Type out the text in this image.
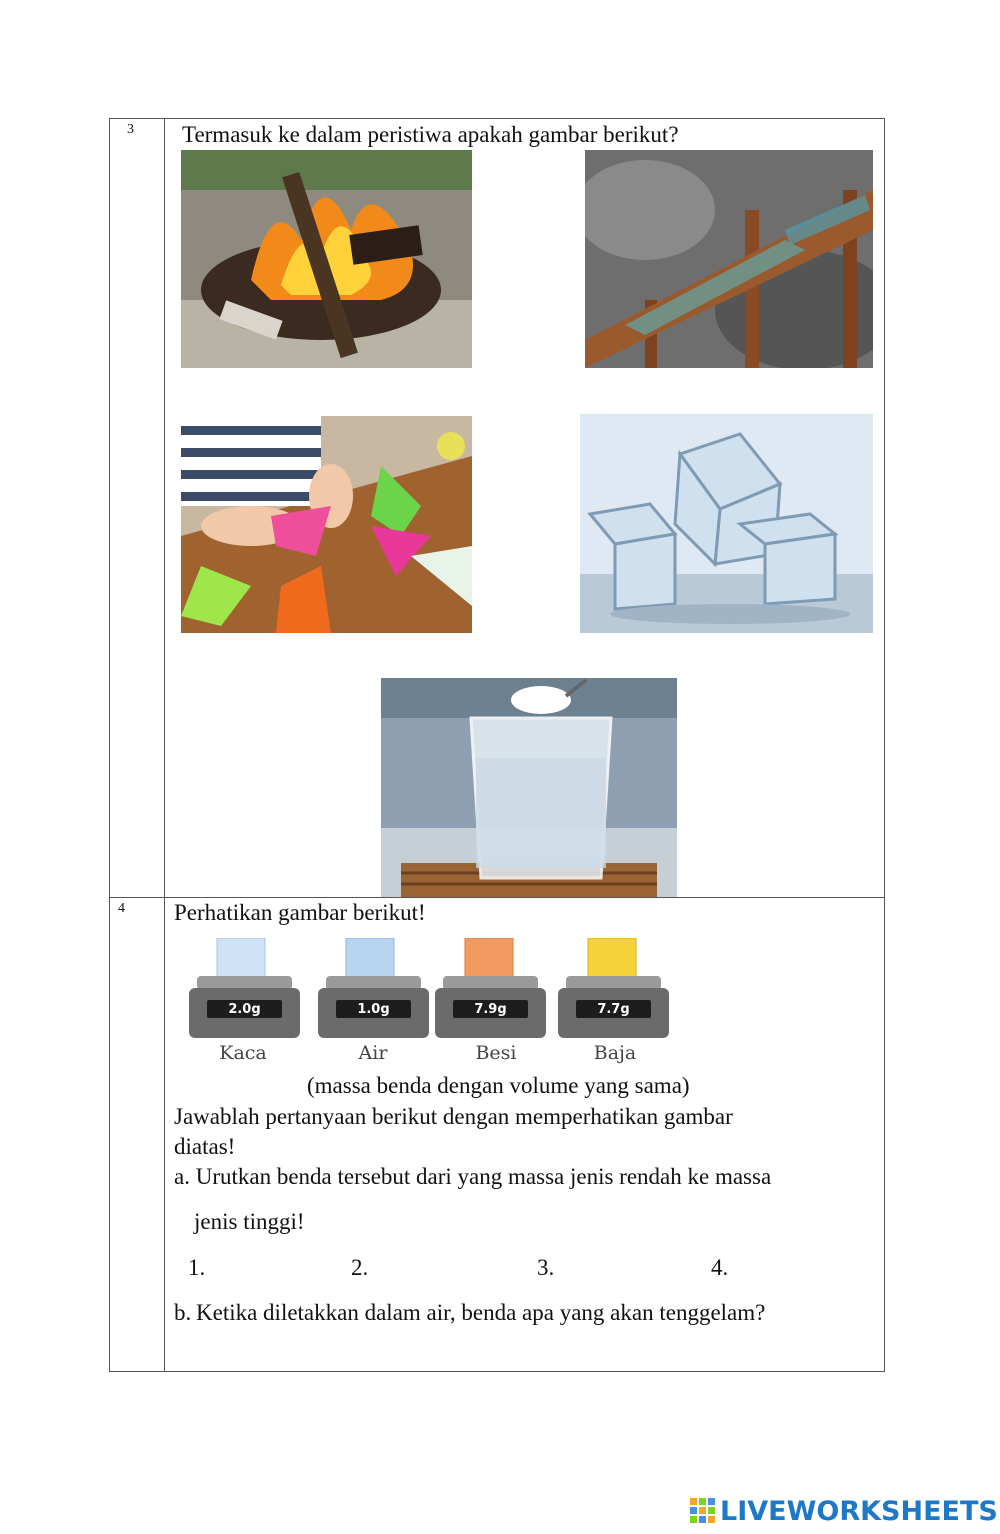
3 Termasuk ke dalam peristiwa apakah gambar berikut?
4 Perhatikan gambar berikut!
2.0g	1.0g	7.9g	7.7g
Kaca	Air	Besi	Baja
(massa benda dengan volume yang sama)
Jawablah pertanyaan berikut dengan memperhatikan gambar
diatas!
a. Urutkan benda tersebut dari yang massa jenis rendah ke massa
jenis tinggi!
1.	2.	3.	4.
b. Ketika diletakkan dalam air, benda apa yang akan tenggelam?
LIVEWORKSHEETS
